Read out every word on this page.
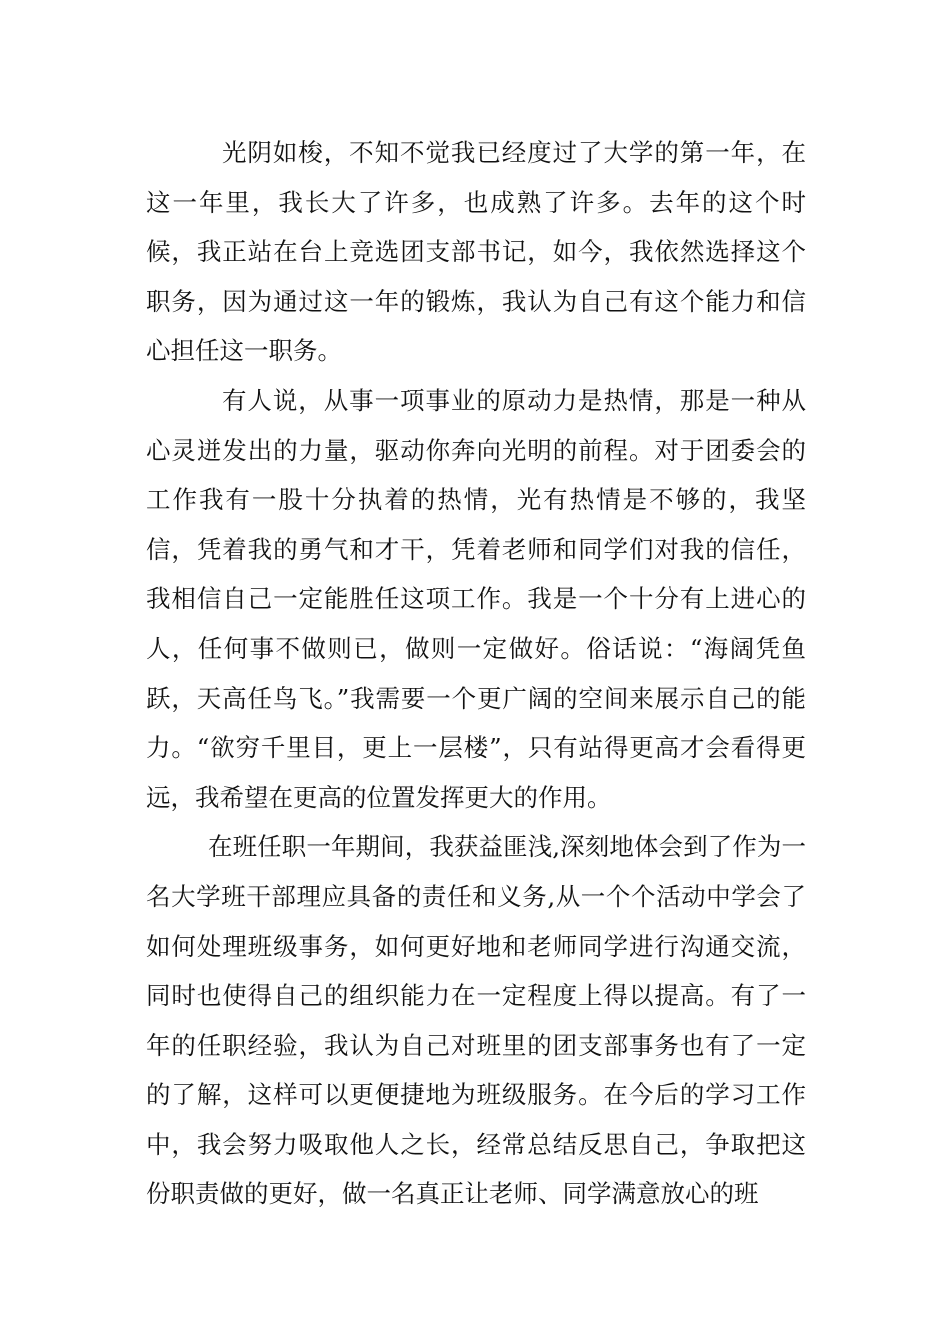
光阴如梭，不知不觉我已经度过了大学的第一年，在这一年里，我长大了许多，也成熟了许多。去年的这个时候，我正站在台上竞选团支部书记，如今，我依然选择这个职务，因为通过这一年的锻炼，我认为自己有这个能力和信心担任这一职务。

有人说，从事一项事业的原动力是热情，那是一种从心灵迸发出的力量，驱动你奔向光明的前程。对于团委会的工作我有一股十分执着的热情，光有热情是不够的，我坚信，凭着我的勇气和才干，凭着老师和同学们对我的信任，我相信自己一定能胜任这项工作。我是一个十分有上进心的人，任何事不做则已，做则一定做好。俗话说：“海阔凭鱼跃，天高任鸟飞。”我需要一个更广阔的空间来展示自己的能力。“欲穷千里目，更上一层楼”，只有站得更高才会看得更远，我希望在更高的位置发挥更大的作用。

在班任职一年期间，我获益匪浅,深刻地体会到了作为一名大学班干部理应具备的责任和义务,从一个个活动中学会了如何处理班级事务，如何更好地和老师同学进行沟通交流，同时也使得自己的组织能力在一定程度上得以提高。有了一年的任职经验，我认为自己对班里的团支部事务也有了一定的了解，这样可以更便捷地为班级服务。在今后的学习工作中，我会努力吸取他人之长，经常总结反思自己，争取把这份职责做的更好，做一名真正让老师、同学满意放心的班
